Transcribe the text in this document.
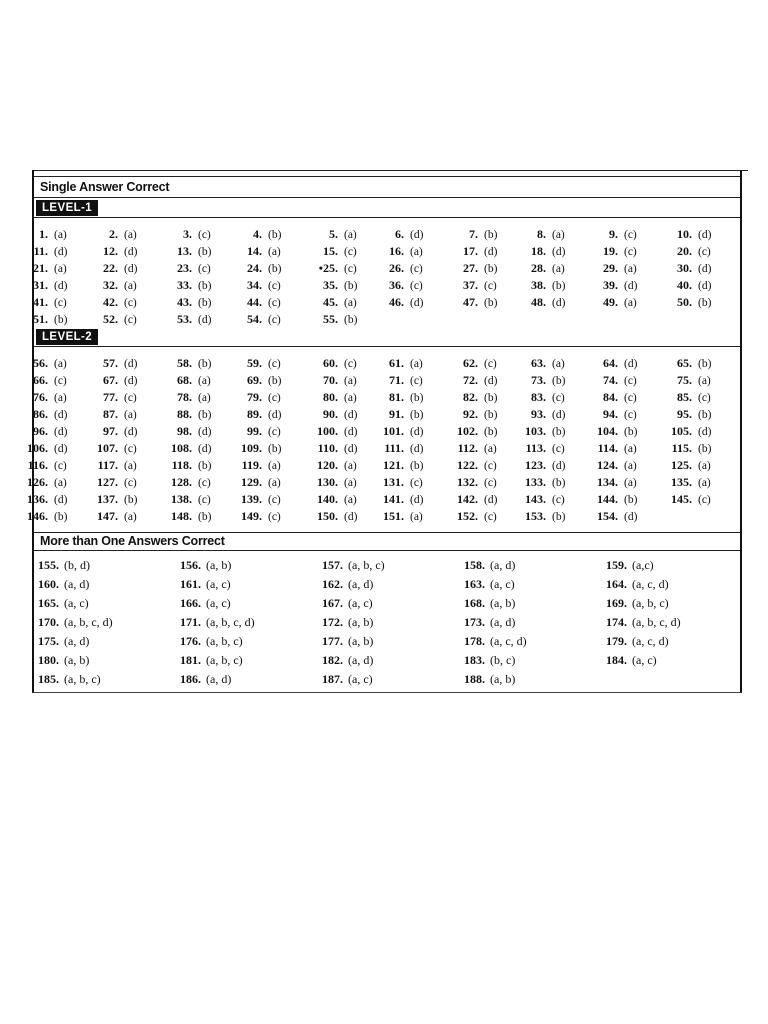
Single Answer Correct
LEVEL-1
1. (a)	2. (a)	3. (c)	4. (b)	5. (a)	6. (d)	7. (b)	8. (a)	9. (c)	10. (d)
11. (d)	12. (d)	13. (b)	14. (a)	15. (c)	16. (a)	17. (d)	18. (d)	19. (c)	20. (c)
21. (a)	22. (d)	23. (c)	24. (b)	•25. (c)	26. (c)	27. (b)	28. (a)	29. (a)	30. (d)
31. (d)	32. (a)	33. (b)	34. (c)	35. (b)	36. (c)	37. (c)	38. (b)	39. (d)	40. (d)
41. (c)	42. (c)	43. (b)	44. (c)	45. (a)	46. (d)	47. (b)	48. (d)	49. (a)	50. (b)
51. (b)	52. (c)	53. (d)	54. (c)	55. (b)
LEVEL-2
56. (a)	57. (d)	58. (b)	59. (c)	60. (c)	61. (a)	62. (c)	63. (a)	64. (d)	65. (b)
66. (c)	67. (d)	68. (a)	69. (b)	70. (a)	71. (c)	72. (d)	73. (b)	74. (c)	75. (a)
76. (a)	77. (c)	78. (a)	79. (c)	80. (a)	81. (b)	82. (b)	83. (c)	84. (c)	85. (c)
86. (d)	87. (a)	88. (b)	89. (d)	90. (d)	91. (b)	92. (b)	93. (d)	94. (c)	95. (b)
96. (d)	97. (d)	98. (d)	99. (c)	100. (d) 101. (d)	102. (b) 103. (b)	104. (b)	105. (d)
106. (d) 107. (c)	108. (d) 109. (b)	110. (d) 111. (d)	112. (a) 113. (c)	114. (a)	115. (b)
116. (c)	117. (a)	118. (b)	119. (a)	120. (a) 121. (b)	122. (c) 123. (d)	124. (a)	125. (a)
126. (a)	127. (c)	128. (c)	129. (a)	130. (a) 131. (c)	132. (c) 133. (b)	134. (a)	135. (a)
136. (d) 137. (b)	138. (c)	139. (c)	140. (a) 141. (d)	142. (d) 143. (c)	144. (b)	145. (c)
146. (b) 147. (a)	148. (b) 149. (c)	150. (d) 151. (a)	152. (c) 153. (b)	154. (d)
More than One Answers Correct
155. (b, d)	156. (a, b)	157. (a, b, c)	158. (a, d)	159. (a,c)
160. (a, d)	161. (a, c)	162. (a, d)	163. (a, c)	164. (a, c, d)
165. (a, c)	166. (a, c)	167. (a, c)	168. (a, b)	169. (a, b, c)
170. (a, b, c, d)	171. (a, b, c, d)	172. (a, b)	173. (a, d)	174. (a, b, c, d)
175. (a, d)	176. (a, b, c)	177. (a, b)	178. (a, c, d)	179. (a, c, d)
180. (a, b)	181. (a, b, c)	182. (a, d)	183. (b, c)	184. (a, c)
185. (a, b, c)	186. (a, d)	187. (a, c)	188. (a, b)
